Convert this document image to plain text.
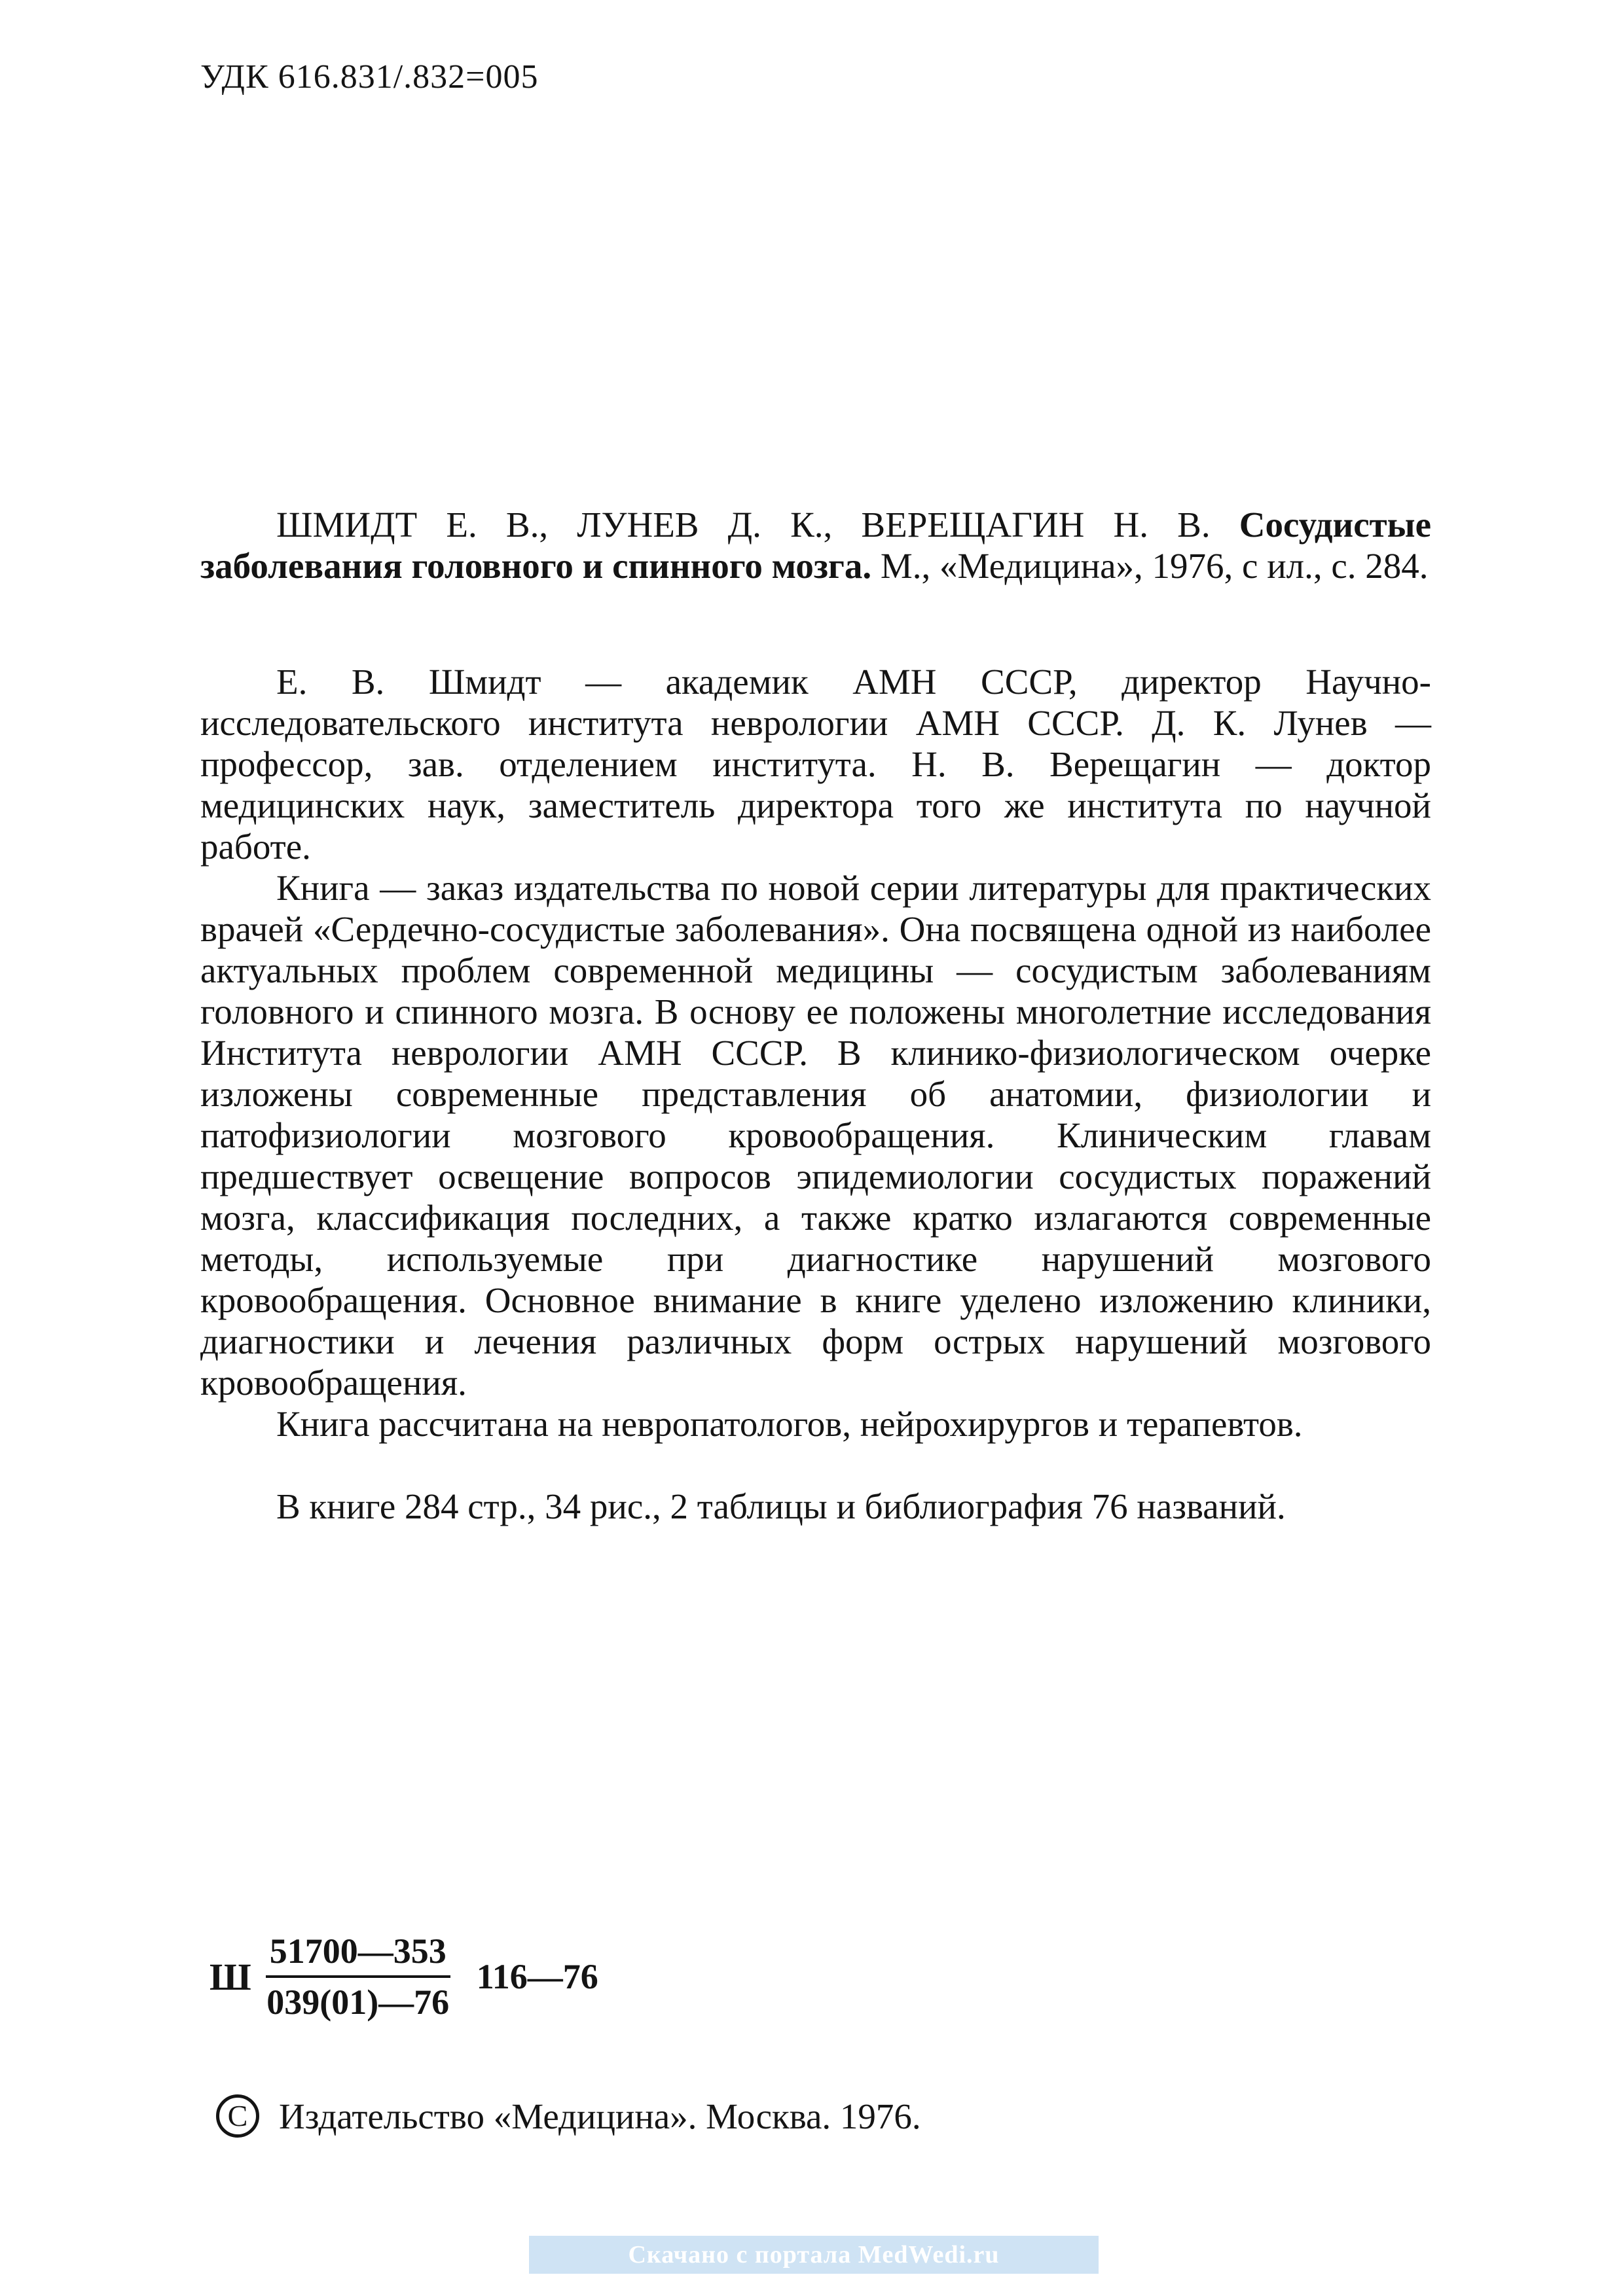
УДК 616.831/.832=005

ШМИДТ Е. В., ЛУНЕВ Д. К., ВЕРЕЩАГИН Н. В. Сосудистые заболевания головного и спинного мозга. М., «Медицина», 1976, с ил., с. 284.

Е. В. Шмидт — академик АМН СССР, директор Научно-исследовательского института неврологии АМН СССР. Д. К. Лунев — профессор, зав. отделением института. Н. В. Верещагин — доктор медицинских наук, заместитель директора того же института по научной работе.

Книга — заказ издательства по новой серии литературы для практических врачей «Сердечно-сосудистые заболевания». Она посвящена одной из наиболее актуальных проблем современной медицины — сосудистым заболеваниям головного и спинного мозга. В основу ее положены многолетние исследования Института неврологии АМН СССР. В клинико-физиологическом очерке изложены современные представления об анатомии, физиологии и патофизиологии мозгового кровообращения. Клиническим главам предшествует освещение вопросов эпидемиологии сосудистых поражений мозга, классификация последних, а также кратко излагаются современные методы, используемые при диагностике нарушений мозгового кровообращения. Основное внимание в книге уделено изложению клиники, диагностики и лечения различных форм острых нарушений мозгового кровообращения.

Книга рассчитана на невропатологов, нейрохирургов и терапевтов.

В книге 284 стр., 34 рис., 2 таблицы и библиография 76 названий.

Ш $\frac{51700—353}{039(01)—76}$ 116—76
С Издательство «Медицина». Москва. 1976.
Скачано с портала MedWedi.ru
